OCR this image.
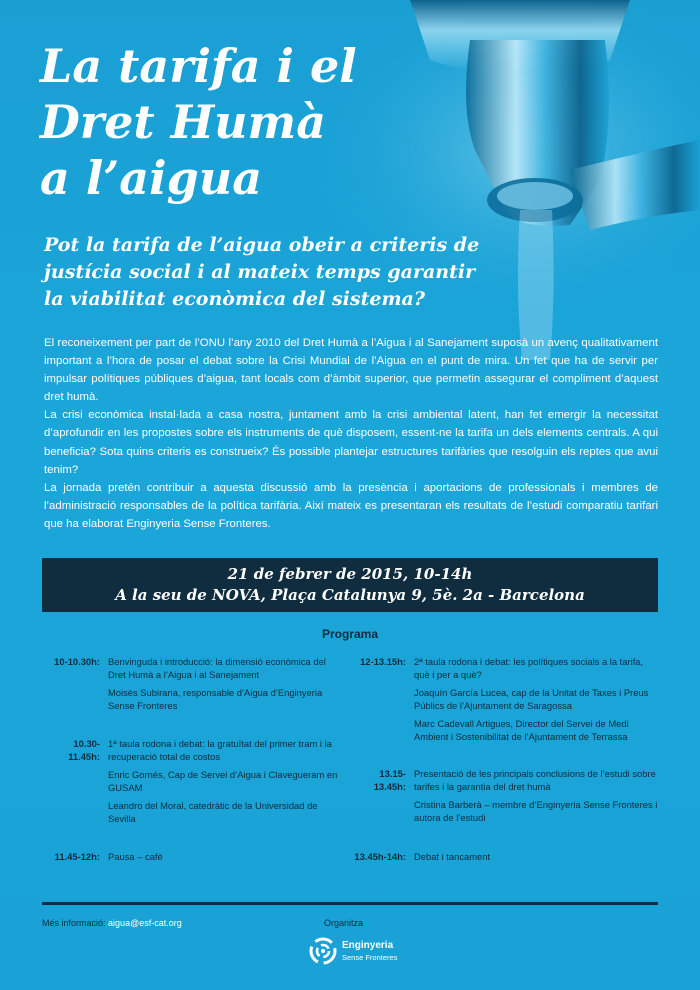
La tarifa i el
Dret Humà
a l’aigua
Pot la tarifa de l’aigua obeir a criteris de justícia social i al mateix temps garantir la viabilitat econòmica del sistema?

El reconeixement per part de l’ONU l’any 2010 del Dret Humà a l’Aigua i al Sanejament suposà un avenç qualitativament important a l’hora de posar el debat sobre la Crisi Mundial de l’Aigua en el punt de mira. Un fet que ha de servir per impulsar polítiques públiques d’aigua, tant locals com d’àmbit superior, que permetin assegurar el compliment d’aquest dret humà.

La crisi econòmica instal·lada a casa nostra, juntament amb la crisi ambiental latent, han fet emergir la necessitat d’aprofundir en les propostes sobre els instruments de què disposem, essent-ne la tarifa un dels elements centrals. A qui beneficia? Sota quins criteris es construeix? És possible plantejar estructures tarifàries que resolguin els reptes que avui tenim?

La jornada pretén contribuir a aquesta discussió amb la presència i aportacions de professionals i membres de l’administració responsables de la política tarifària. Així mateix es presentaran els resultats de l’estudi comparatiu tarifari que ha elaborat Enginyeria Sense Fronteres.

21 de febrer de 2015, 10-14h
A la seu de NOVA, Plaça Catalunya 9, 5è. 2a - Barcelona
Programa
10-10.30h: Benvinguda i introducció: la dimensió econòmica del Dret Humà a l’Aigua i al Sanejament
Moisès Subirana, responsable d’Aigua d’Enginyeria Sense Fronteres
10.30-11.45h:
1ª taula rodona i debat: la gratuïtat del primer tram i la recuperació total de costos
Enric Gornés, Cap de Servei d’Aigua i Clavegueram en GUSAM
Leandro del Moral, catedràtic de la Universidad de Sevilla
11.45-12h: Pausa – cafè
12-13.15h: 2ª taula rodona i debat: les polítiques socials a la tarifa, què i per a què?
Joaquín García Lucea, cap de la Unitat de Taxes i Preus Públics de l’Ajuntament de Saragossa
Marc Cadevall Artigues, Director del Servei de Medi Ambient i Sostenibilitat de l’Ajuntament de Terrassa
13.15-13.45h:
Presentació de les principals conclusions de l’estudi sobre tarifes i la garantia del dret humà
Cristina Barberà – membre d’Enginyeria Sense Fronteres i autora de l’estudi
13.45h-14h: Debat i tancament
Més informació: aigua@esf-cat.org	Organitza
Enginyeria
Sense Fronteres
